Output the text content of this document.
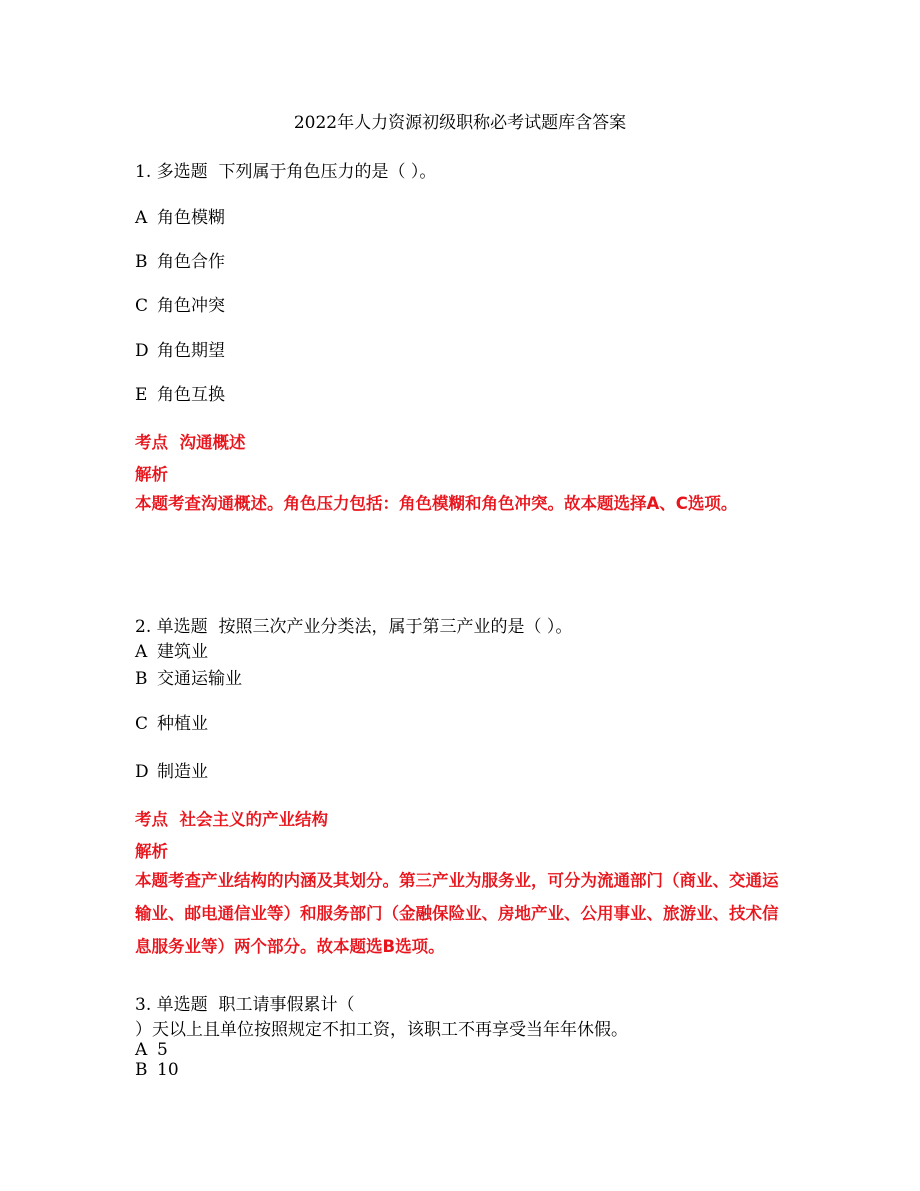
2022年人力资源初级职称必考试题库含答案
1. 多选题 下列属于角色压力的是（ ）。
A 角色模糊
B 角色合作
C 角色冲突
D 角色期望
E 角色互换
考点 沟通概述
解析
本题考查沟通概述。角色压力包括：角色模糊和角色冲突。故本题选择A、C选项。
2. 单选题 按照三次产业分类法，属于第三产业的是（ ）。
A 建筑业
B 交通运输业
C 种植业
D 制造业
考点 社会主义的产业结构
解析
本题考查产业结构的内涵及其划分。第三产业为服务业，可分为流通部门（商业、交通运输业、邮电通信业等）和服务部门（金融保险业、房地产业、公用事业、旅游业、技术信息服务业等）两个部分。故本题选B选项。
3. 单选题 职工请事假累计（
）天以上且单位按照规定不扣工资，该职工不再享受当年年休假。
A 5
B 10
